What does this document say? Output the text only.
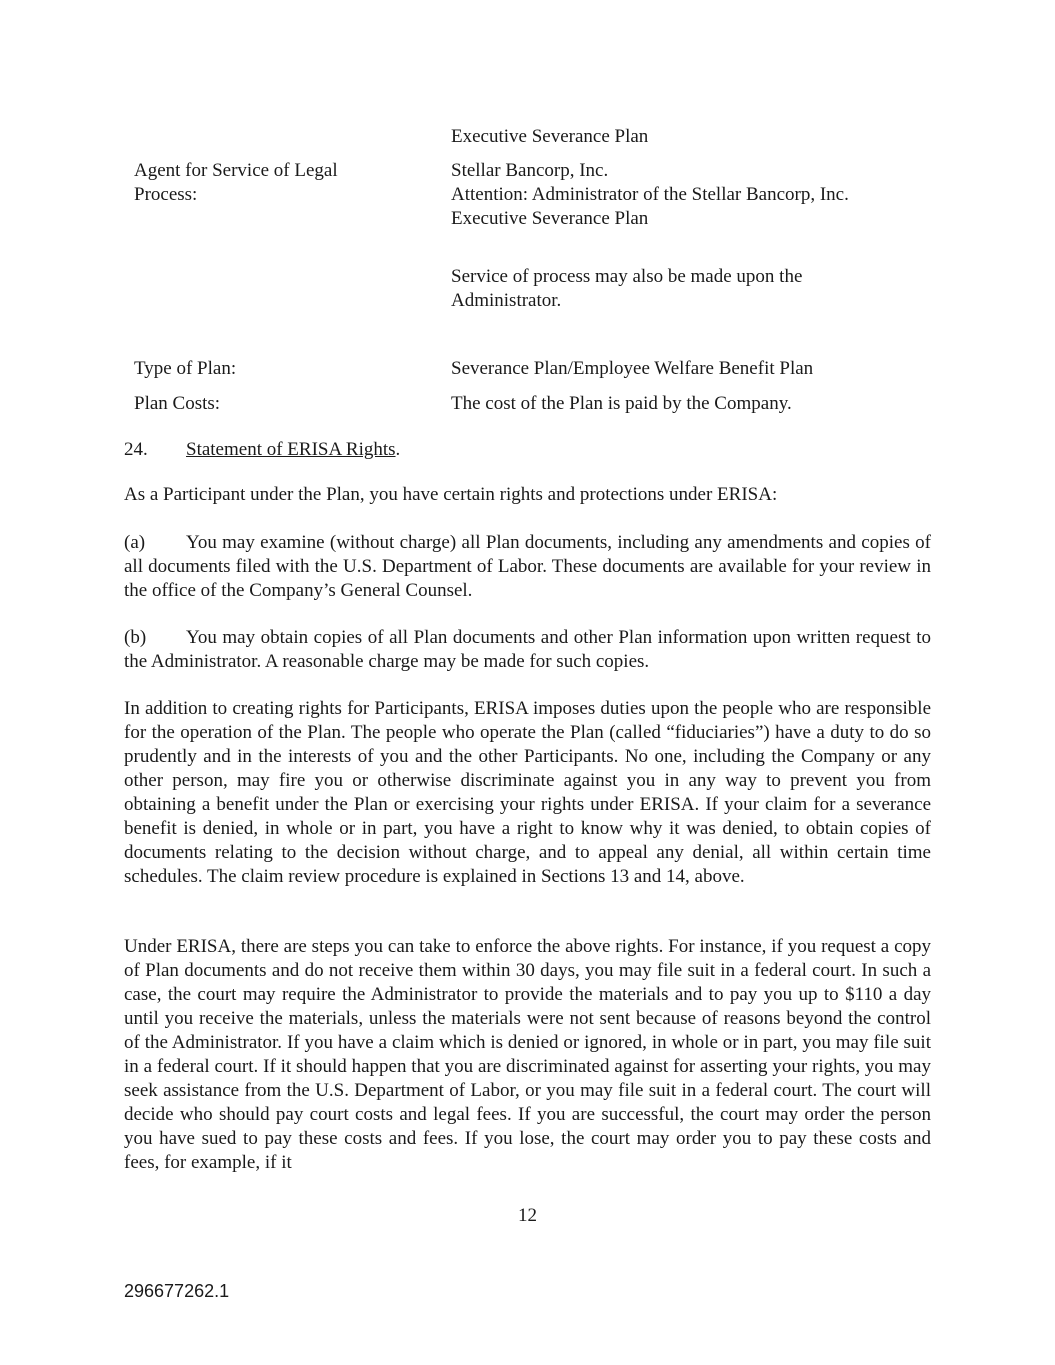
Executive Severance Plan
Agent for Service of Legal
Process:
Stellar Bancorp, Inc.
Attention: Administrator of the Stellar Bancorp, Inc.
Executive Severance Plan
Service of process may also be made upon the
Administrator.
Type of Plan:	Severance Plan/Employee Welfare Benefit Plan
Plan Costs:	The cost of the Plan is paid by the Company.
24. Statement of ERISA Rights.
As a Participant under the Plan, you have certain rights and protections under ERISA:
(a) You may examine (without charge) all Plan documents, including any amendments and copies of all documents filed with the U.S. Department of Labor. These documents are available for your review in the office of the Company’s General Counsel.
(b) You may obtain copies of all Plan documents and other Plan information upon written request to the Administrator. A reasonable charge may be made for such copies.
In addition to creating rights for Participants, ERISA imposes duties upon the people who are responsible for the operation of the Plan. The people who operate the Plan (called “fiduciaries”) have a duty to do so prudently and in the interests of you and the other Participants. No one, including the Company or any other person, may fire you or otherwise discriminate against you in any way to prevent you from obtaining a benefit under the Plan or exercising your rights under ERISA. If your claim for a severance benefit is denied, in whole or in part, you have a right to know why it was denied, to obtain copies of documents relating to the decision without charge, and to appeal any denial, all within certain time schedules. The claim review procedure is explained in Sections 13 and 14, above.
Under ERISA, there are steps you can take to enforce the above rights. For instance, if you request a copy of Plan documents and do not receive them within 30 days, you may file suit in a federal court. In such a case, the court may require the Administrator to provide the materials and to pay you up to $110 a day until you receive the materials, unless the materials were not sent because of reasons beyond the control of the Administrator. If you have a claim which is denied or ignored, in whole or in part, you may file suit in a federal court. If it should happen that you are discriminated against for asserting your rights, you may seek assistance from the U.S. Department of Labor, or you may file suit in a federal court. The court will decide who should pay court costs and legal fees. If you are successful, the court may order the person you have sued to pay these costs and fees. If you lose, the court may order you to pay these costs and fees, for example, if it
12
296677262.1
